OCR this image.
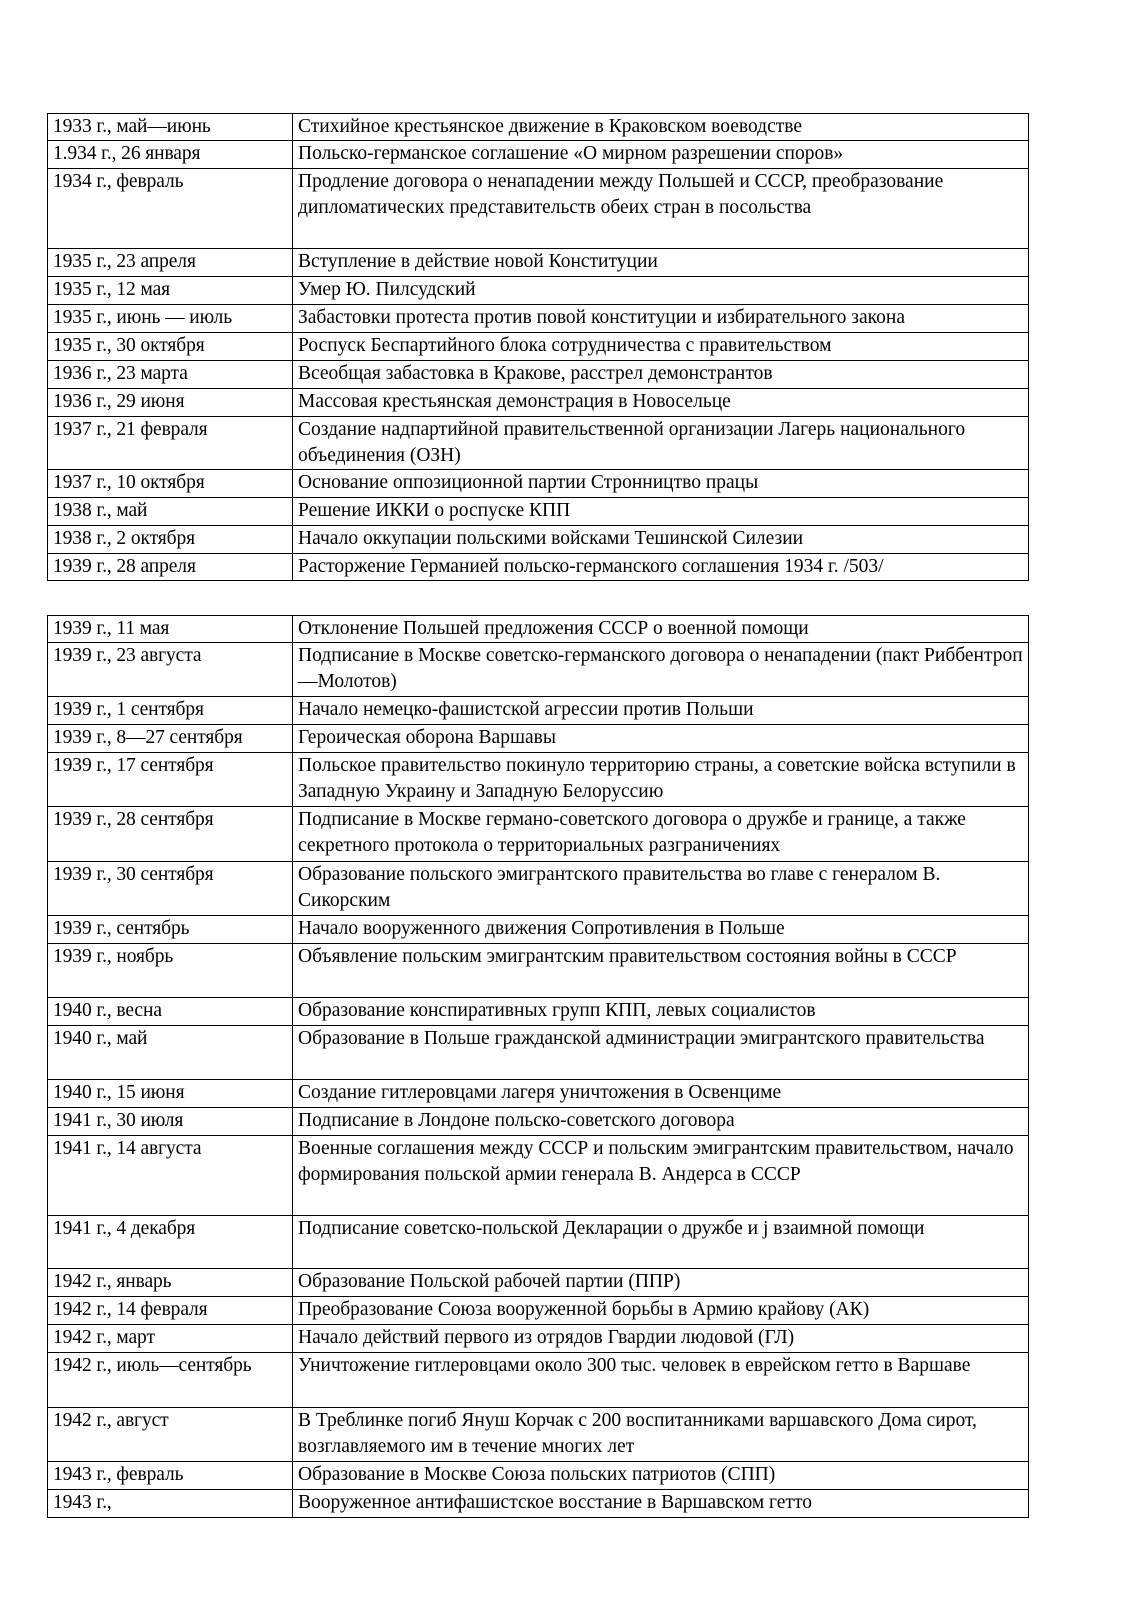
1933 г., май—июнь	Стихийное крестьянское движение в Краковском воеводстве
1.934 г., 26 января	Польско-германское соглашение «О мирном разрешении споров»
1934 г., февраль	Продление договора о ненападении между Польшей и СССР, преобразование дипломатических представительств обеих стран в посольства
1935 г., 23 апреля	Вступление в действие новой Конституции
1935 г., 12 мая	Умер Ю. Пилсудский
1935 г., июнь — июль	Забастовки протеста против повой конституции и избирательного закона
1935 г., 30 октября	Роспуск Беспартийного блока сотрудничества с правительством
1936 г., 23 марта	Всеобщая забастовка в Кракове, расстрел демонстрантов
1936 г., 29 июня	Массовая крестьянская демонстрация в Новосельце
1937 г., 21 февраля	Создание надпартийной правительственной организации Лагерь национального объединения (ОЗН)
1937 г., 10 октября	Основание оппозиционной партии Стронництво працы
1938 г., май	Решение ИККИ о роспуске КПП
1938 г., 2 октября	Начало оккупации польскими войсками Тешинской Силезии
1939 г., 28 апреля	Расторжение Германией польско-германского соглашения 1934 г. /503/
1939 г., 11 мая	Отклонение Польшей предложения СССР о военной помощи
1939 г., 23 августа	Подписание в Москве советско-германского договора о ненападении (пакт Риббентроп —Молотов)
1939 г., 1 сентября	Начало немецко-фашистской агрессии против Польши
1939 г., 8—27 сентября	Героическая оборона Варшавы
1939 г., 17 сентября	Польское правительство покинуло территорию страны, а советские войска вступили в Западную Украину и Западную Белоруссию
1939 г., 28 сентября	Подписание в Москве германо-советского договора о дружбе и границе, а также секретного протокола о территориальных разграничениях
1939 г., 30 сентября	Образование польского эмигрантского правительства во главе с генералом В. Сикорским
1939 г., сентябрь	Начало вооруженного движения Сопротивления в Польше
1939 г., ноябрь	Объявление польским эмигрантским правительством состояния войны в СССР
1940 г., весна	Образование конспиративных групп КПП, левых социалистов
1940 г., май	Образование в Польше гражданской администрации эмигрантского правительства
1940 г., 15 июня	Создание гитлеровцами лагеря уничтожения в Освенциме
1941 г., 30 июля	Подписание в Лондоне польско-советского договора
1941 г., 14 августа	Военные соглашения между СССР и польским эмигрантским правительством, начало формирования польской армии генерала В. Андерса в СССР
1941 г., 4 декабря	Подписание советско-польской Декларации о дружбе и j взаимной помощи
1942 г., январь	Образование Польской рабочей партии (ППР)
1942 г., 14 февраля	Преобразование Союза вооруженной борьбы в Армию крайову (АК)
1942 г., март	Начало действий первого из отрядов Гвардии людовой (ГЛ)
1942 г., июль—сентябрь	Уничтожение гитлеровцами около 300 тыс. человек в еврейском гетто в Варшаве
1942 г., август	В Треблинке погиб Януш Корчак с 200 воспитанниками варшавского Дома сирот, возглавляемого им в течение многих лет
1943 г., февраль	Образование в Москве Союза польских патриотов (СПП)
1943 г.,	Вооруженное антифашистское восстание в Варшавском гетто
